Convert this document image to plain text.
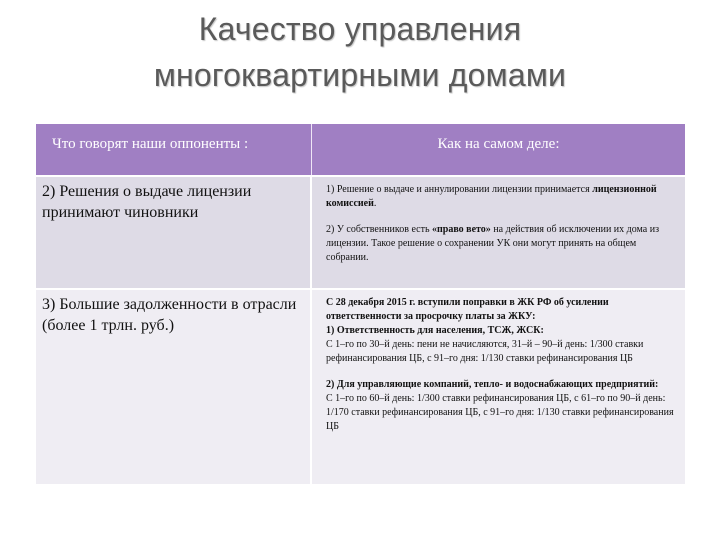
Качество управления
многоквартирными домами
Что говорят наши оппоненты :	Как на самом деле:
2) Решения о выдаче лицензии принимают чиновники

1) Решение о выдаче и аннулировании лицензии принимается лицензионной комиссией.

2) У собственников есть «право вето» на действия об исключении их дома из лицензии. Такое решение о сохранении УК они могут принять на общем собрании.

3) Большие задолженности в отрасли (более 1 трлн. руб.)

С 28 декабря 2015 г. вступили поправки в ЖК РФ об усилении ответственности за просрочку платы за ЖКУ:

1) Ответственность для населения, ТСЖ, ЖСК:

С 1–го по 30–й день: пени не начисляются, 31–й – 90–й день: 1/300 ставки рефинансирования ЦБ, с 91–го дня: 1/130 ставки рефинансирования ЦБ

2) Для управляющие компаний, тепло- и водоснабжающих предприятий:

С 1–го по 60–й день: 1/300 ставки рефинансирования ЦБ, с 61–го по 90–й день: 1/170 ставки рефинансирования ЦБ, с 91–го дня: 1/130 ставки рефинансирования ЦБ
